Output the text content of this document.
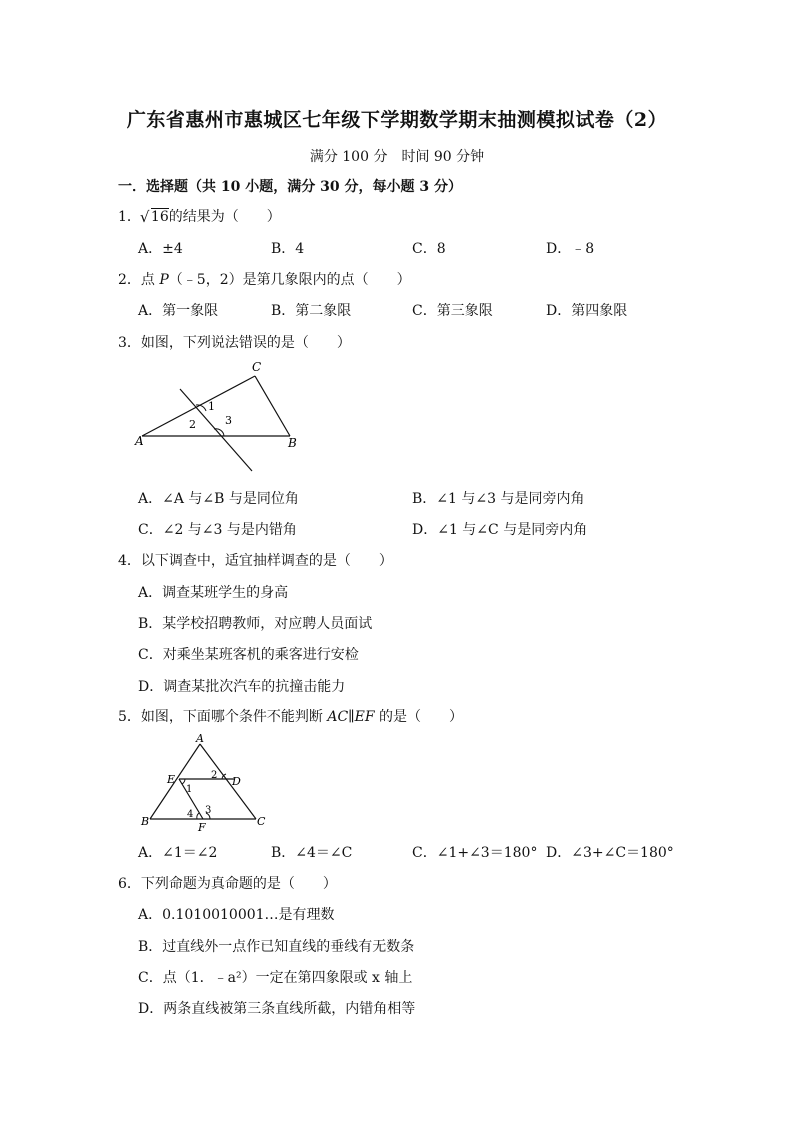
广东省惠州市惠城区七年级下学期数学期末抽测模拟试卷（2）
满分 100 分　时间 90 分钟
一．选择题（共 10 小题，满分 30 分，每小题 3 分）
1．√ 16的结果为（　　）
A．±4	B．4	C．8	D．﹣8
2．点 P（﹣5，2）是第几象限内的点（　　）
A．第一象限	B．第二象限	C．第三象限	D．第四象限
3．如图，下列说法错误的是（　　）
C
A	B
1
2	3
A．∠A 与∠B 与是同位角	B．∠1 与∠3 与是同旁内角
C．∠2 与∠3 与是内错角	D．∠1 与∠C 与是同旁内角
4．以下调查中，适宜抽样调查的是（　　）
A．调查某班学生的身高
B．某学校招聘教师，对应聘人员面试
C．对乘坐某班客机的乘客进行安检
D．调查某批次汽车的抗撞击能力
5．如图，下面哪个条件不能判断 AC∥EF 的是（　　）
A
E	D
B	C
F
2
1
4 3
A．∠1＝∠2	B．∠4＝∠C	C．∠1+∠3＝180° D．∠3+∠C＝180°
6．下列命题为真命题的是（　　）
A．0.1010010001…是有理数
B．过直线外一点作已知直线的垂线有无数条
C．点（1．﹣a²）一定在第四象限或 x 轴上
D．两条直线被第三条直线所截，内错角相等
